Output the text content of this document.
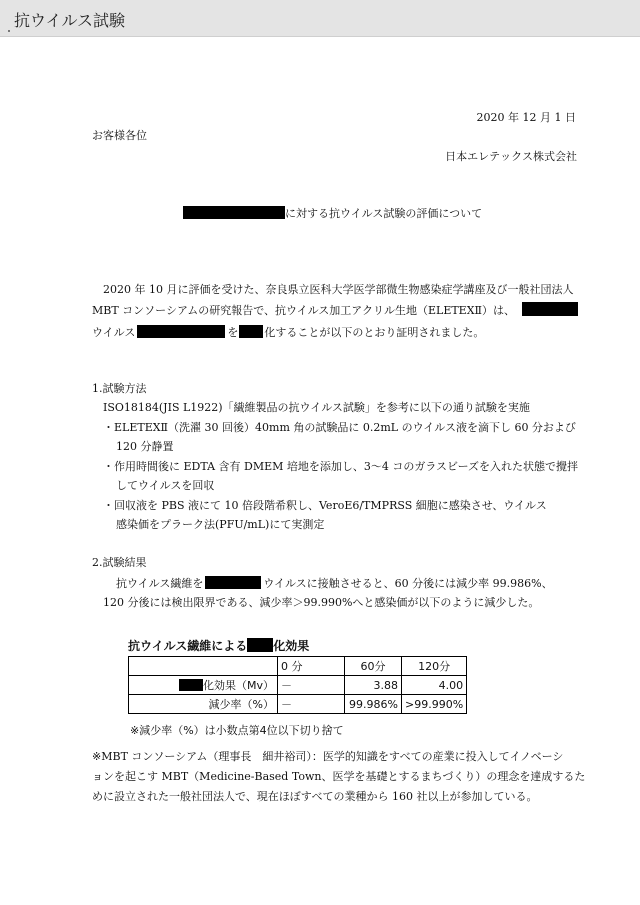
抗ウイルス試験
2020 年 12 月 1 日
お客様各位
日本エレテックス株式会社
に対する抗ウイルス試験の評価について
2020 年 10 月に評価を受けた、奈良県立医科大学医学部微生物感染症学講座及び一般社団法人
MBT コンソーシアムの研究報告で、抗ウイルス加工アクリル生地（ELETEXⅡ）は、
ウイルス	を 化することが以下のとおり証明されました。
1.試験方法
ISO18184(JIS L1922)「繊維製品の抗ウイルス試験」を参考に以下の通り試験を実施
・ELETEXⅡ（洗濯 30 回後）40mm 角の試験品に 0.2mL のウイルス液を滴下し 60 分および
120 分静置
・作用時間後に EDTA 含有 DMEM 培地を添加し、3～4 コのガラスビーズを入れた状態で攪拌
してウイルスを回収
・回収液を PBS 液にて 10 倍段階希釈し、VeroE6/TMPRSS 細胞に感染させ、ウイルス
感染価をプラーク法(PFU/mL)にて実測定
2.試験結果
抗ウイルス繊維を	ウイルスに接触させると、60 分後には減少率 99.986%、
120 分後には検出限界である、減少率＞99.990%へと感染価が以下のように減少した。
抗ウイルス繊維による 化効果
	0 分	60分	120分
化効果（Mv）	－	3.88	4.00
減少率（%）	－	99.986%	>99.990%
※減少率（%）は小数点第4位以下切り捨て
※MBT コンソーシアム（理事長　細井裕司）：医学的知識をすべての産業に投入してイノベーシ
ョンを起こす MBT（Medicine-Based Town、医学を基礎とするまちづくり）の理念を達成するた
めに設立された一般社団法人で、現在ほぼすべての業種から 160 社以上が参加している。
